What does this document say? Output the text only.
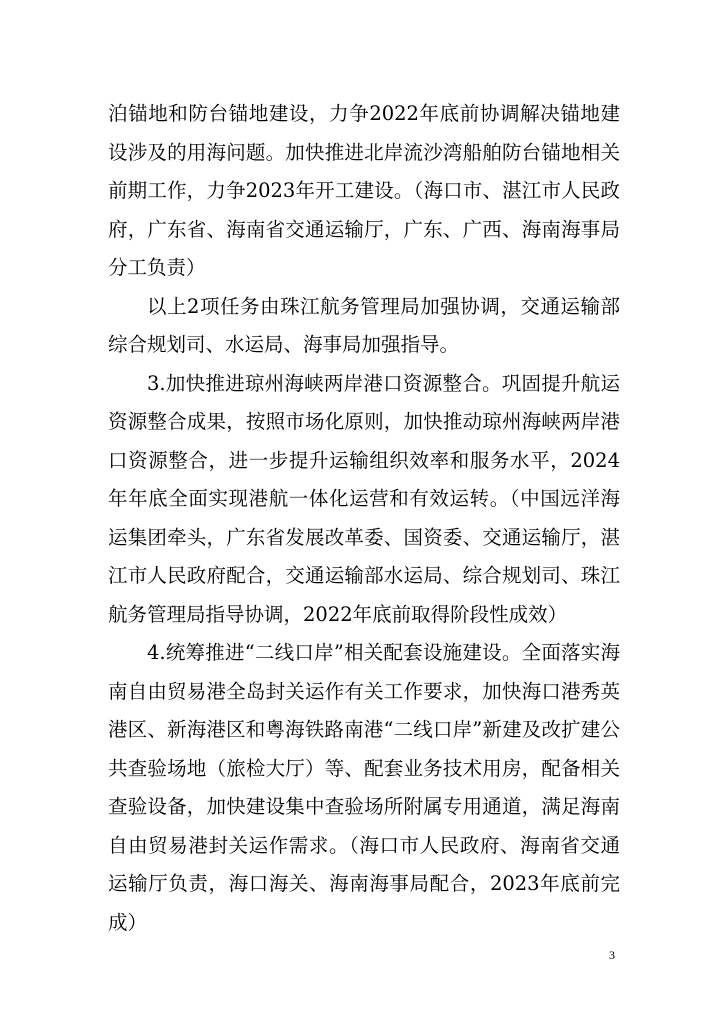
泊锚地和防台锚地建设，力争2022年底前协调解决锚地建设涉及的用海问题。加快推进北岸流沙湾船舶防台锚地相关前期工作，力争2023年开工建设。（海口市、湛江市人民政府，广东省、海南省交通运输厅，广东、广西、海南海事局分工负责）

以上2项任务由珠江航务管理局加强协调，交通运输部综合规划司、水运局、海事局加强指导。

3.加快推进琼州海峡两岸港口资源整合。巩固提升航运资源整合成果，按照市场化原则，加快推动琼州海峡两岸港口资源整合，进一步提升运输组织效率和服务水平，2024年年底全面实现港航一体化运营和有效运转。（中国远洋海运集团牵头，广东省发展改革委、国资委、交通运输厅，湛江市人民政府配合，交通运输部水运局、综合规划司、珠江航务管理局指导协调，2022年底前取得阶段性成效）

4.统筹推进“二线口岸”相关配套设施建设。全面落实海南自由贸易港全岛封关运作有关工作要求，加快海口港秀英港区、新海港区和粤海铁路南港“二线口岸”新建及改扩建公共查验场地（旅检大厅）等、配套业务技术用房，配备相关查验设备，加快建设集中查验场所附属专用通道，满足海南自由贸易港封关运作需求。（海口市人民政府、海南省交通运输厅负责，海口海关、海南海事局配合，2023年底前完成）

3
